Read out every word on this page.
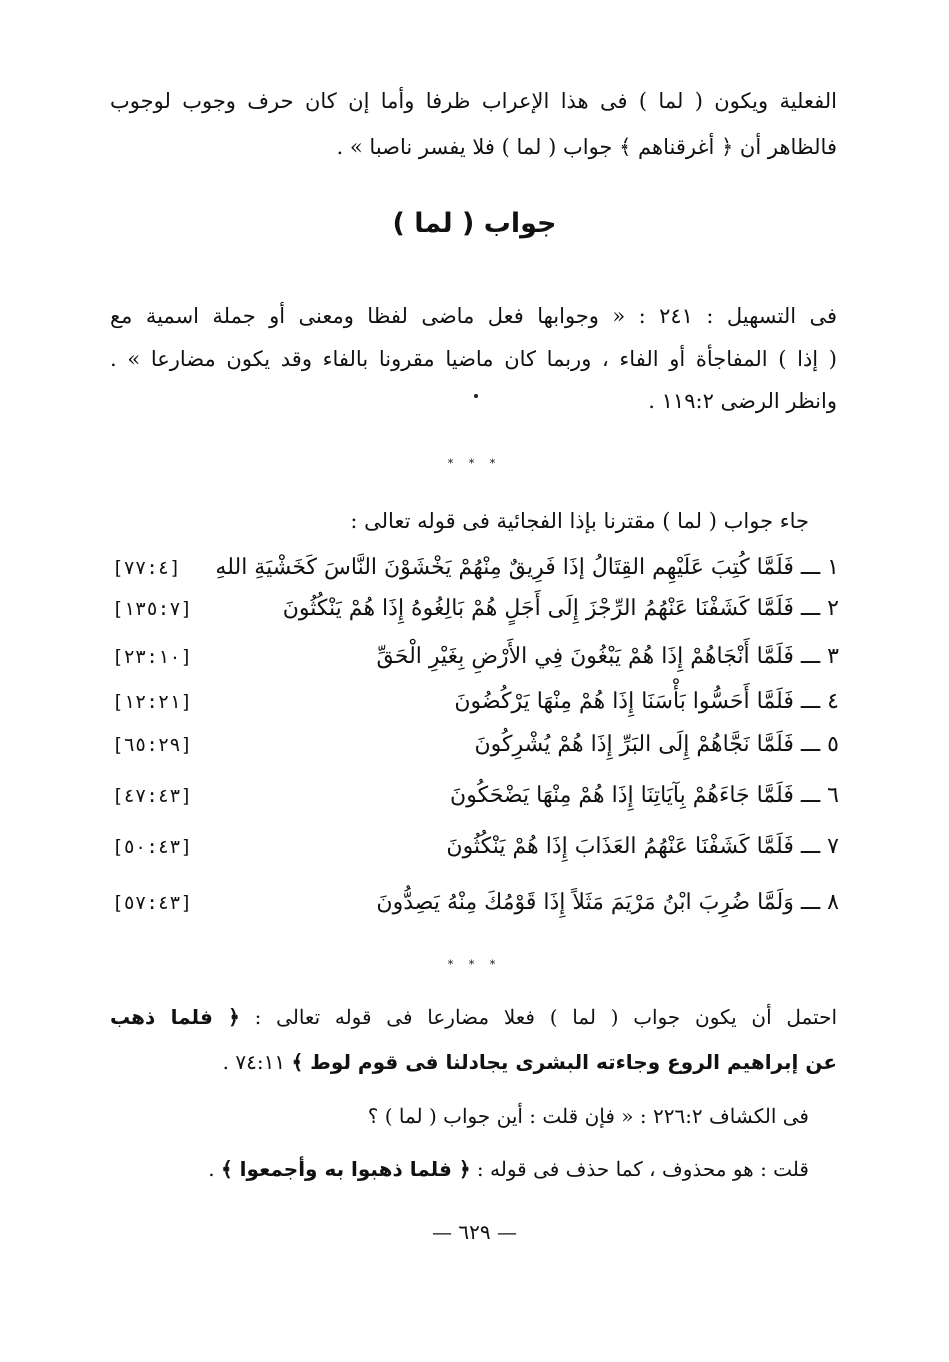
الفعلية ويكون ( لما ) فى هذا الإعراب ظرفا وأما إن كان حرف وجوب لوجوب
فالظاهر أن ﴿ أغرقناهم ﴾ جواب ( لما ) فلا يفسر ناصبا » .
جواب ( لما )
فى التسهيل : ٢٤١ : « وجوابها فعل ماضى لفظا ومعنى أو جملة اسمية مع
( إذا ) المفاجأة أو الفاء ، وربما كان ماضيا مقرونا بالفاء وقد يكون مضارعا » .
وانظر الرضى ١١٩:٢ .
* * *
جاء جواب ( لما ) مقترنا بإذا الفجائية فى قوله تعالى :
١ ـــ فَلَمَّا كُتِبَ عَلَيْهِم القِتَالُ إذَا فَرِيقٌ مِنْهُمْ يَخْشَوْنَ النَّاسَ كَخَشْيَةِ اللهِ
[٧٧:٤]
٢ ـــ فَلَمَّا كَشَفْنَا عَنْهُمُ الرِّجْزَ إِلَى أَجَلٍ هُمْ بَالِغُوهُ إِذَا هُمْ يَنْكُثُونَ
[١٣٥:٧]
٣ ـــ فَلَمَّا أَنْجَاهُمْ إِذَا هُمْ يَبْغُونَ فِي الأَرْضِ بِغَيْرِ الْحَقِّ
[٢٣:١٠]
٤ ـــ فَلَمَّا أَحَسُّوا بَأْسَنَا إِذَا هُمْ مِنْهَا يَرْكُضُونَ
[١٢:٢١]
٥ ـــ فَلَمَّا نَجَّاهُمْ إِلَى البَرِّ إِذَا هُمْ يُشْرِكُونَ
[٦٥:٢٩]
٦ ـــ فَلَمَّا جَاءَهُمْ بِآيَاتِنَا إِذَا هُمْ مِنْهَا يَضْحَكُونَ
[٤٧:٤٣]
٧ ـــ فَلَمَّا كَشَفْنَا عَنْهُمُ العَذَابَ إِذَا هُمْ يَنْكُثُونَ
[٥٠:٤٣]
٨ ـــ وَلَمَّا ضُرِبَ ابْنُ مَرْيَمَ مَثَلاً إِذَا قَوْمُكَ مِنْهُ يَصِدُّونَ
[٥٧:٤٣]
* * *
احتمل أن يكون جواب ( لما ) فعلا مضارعا فى قوله تعالى : ﴿ فلما ذهب
عن إبراهيم الروع وجاءته البشرى يجادلنا فى قوم لوط ﴾ ٧٤:١١ .
فى الكشاف ٢٢٦:٢ : « فإن قلت : أين جواب ( لما ) ؟
قلت : هو محذوف ، كما حذف فى قوله : ﴿ فلما ذهبوا به وأجمعوا ﴾ .
— ٦٢٩ —
